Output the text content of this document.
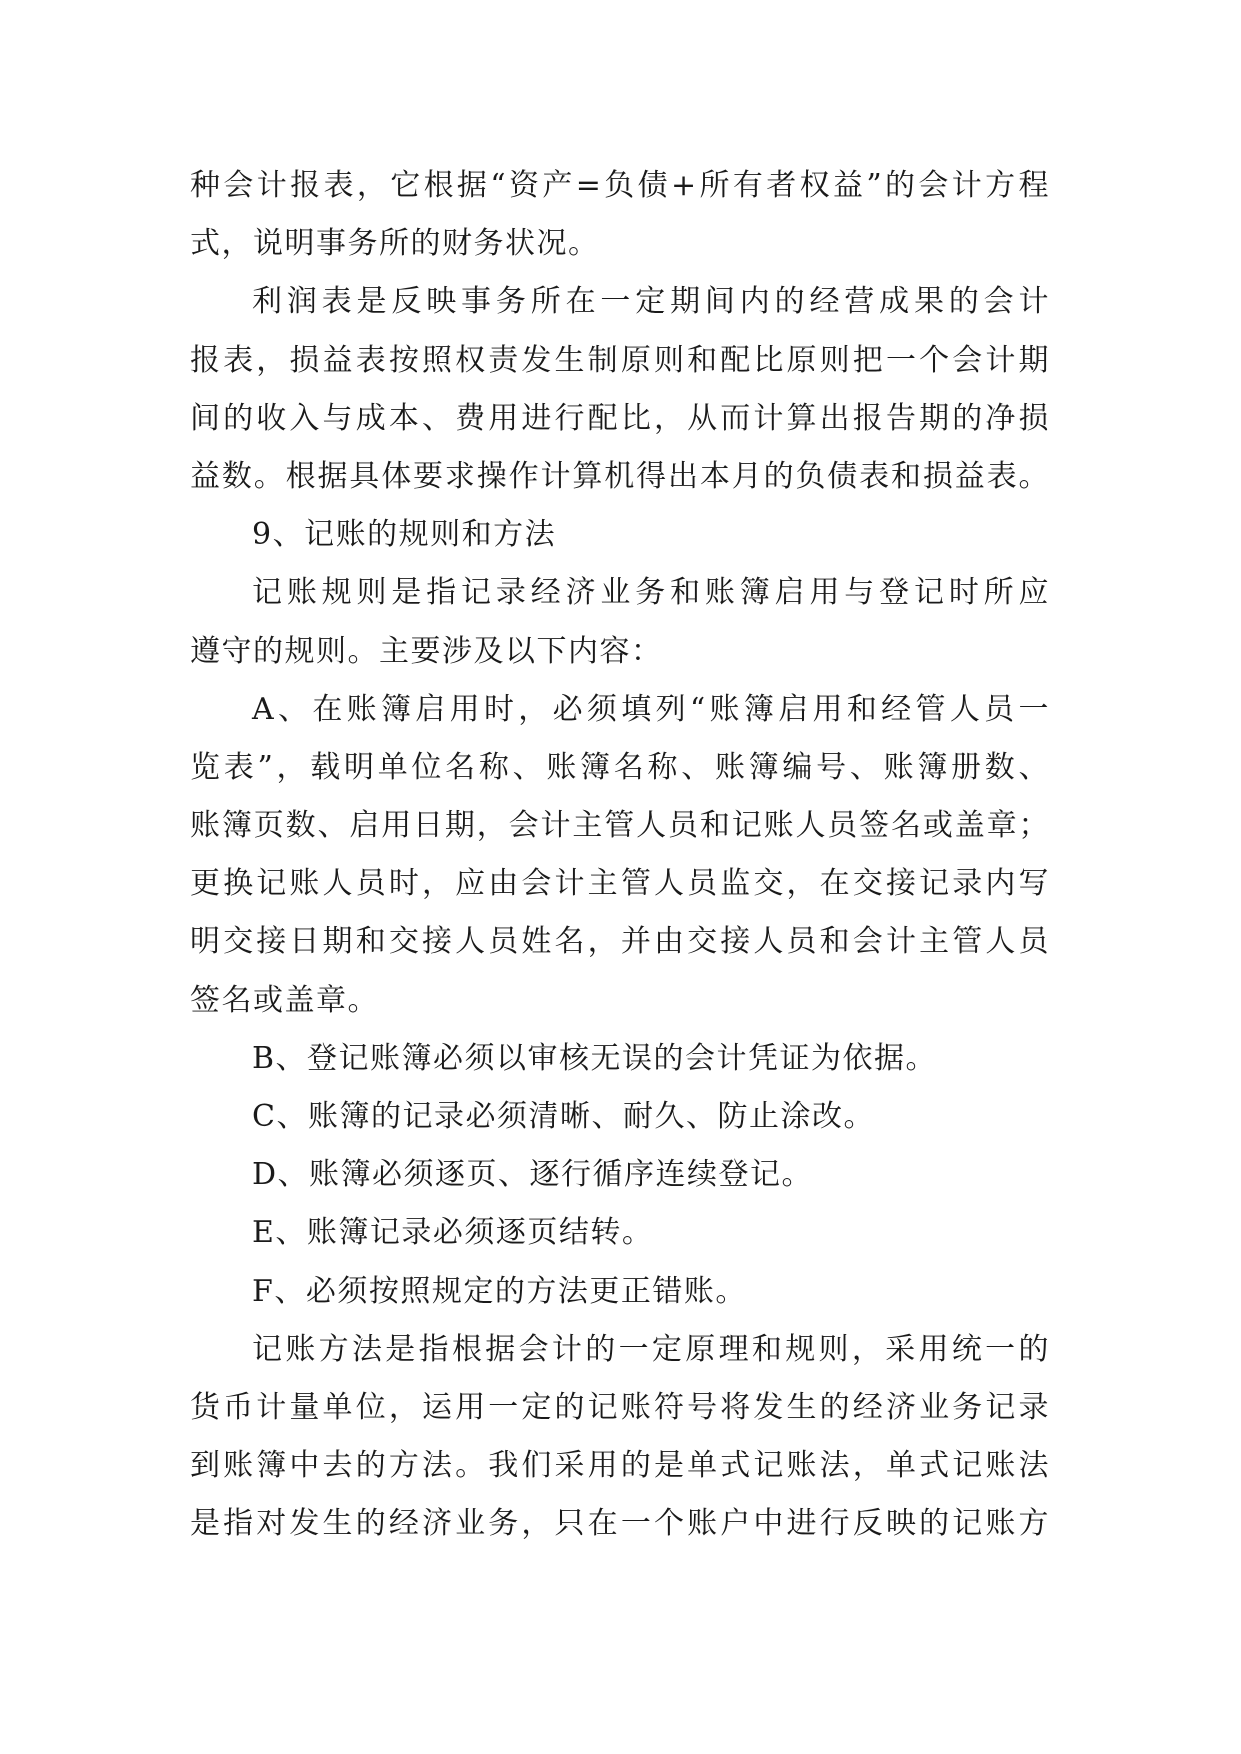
种会计报表，它根据“资产=负债+所有者权益”的会计方程
式，说明事务所的财务状况。
利润表是反映事务所在一定期间内的经营成果的会计
报表，损益表按照权责发生制原则和配比原则把一个会计期
间的收入与成本、费用进行配比，从而计算出报告期的净损
益数。根据具体要求操作计算机得出本月的负债表和损益表。
9、记账的规则和方法
记账规则是指记录经济业务和账簿启用与登记时所应
遵守的规则。主要涉及以下内容：
A、在账簿启用时，必须填列“账簿启用和经管人员一
览表”，载明单位名称、账簿名称、账簿编号、账簿册数、
账簿页数、启用日期，会计主管人员和记账人员签名或盖章；
更换记账人员时，应由会计主管人员监交，在交接记录内写
明交接日期和交接人员姓名，并由交接人员和会计主管人员
签名或盖章。
B、登记账簿必须以审核无误的会计凭证为依据。
C、账簿的记录必须清晰、耐久、防止涂改。
D、账簿必须逐页、逐行循序连续登记。
E、账簿记录必须逐页结转。
F、必须按照规定的方法更正错账。
记账方法是指根据会计的一定原理和规则，采用统一的
货币计量单位，运用一定的记账符号将发生的经济业务记录
到账簿中去的方法。我们采用的是单式记账法，单式记账法
是指对发生的经济业务，只在一个账户中进行反映的记账方
